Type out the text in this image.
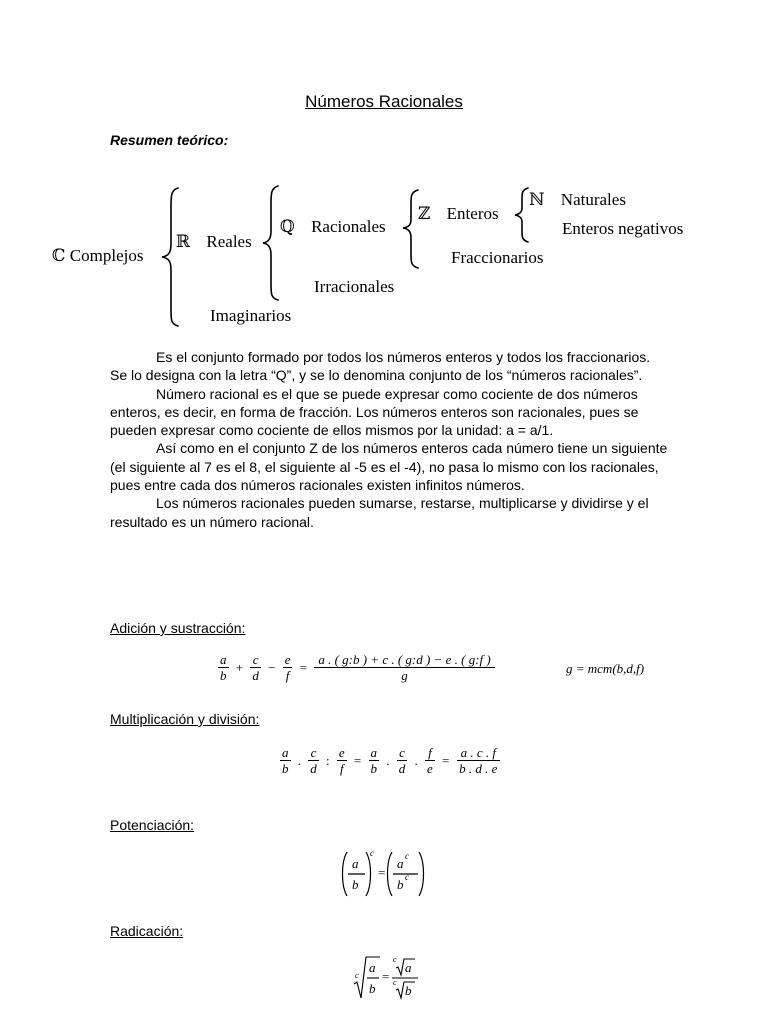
Números Racionales
Resumen teórico:
ℂ Complejos
ℝ Reales
Imaginarios
ℚ Racionales
Irracionales
ℤ Enteros
Fraccionarios
ℕ Naturales
Enteros negativos

Es el conjunto formado por todos los números enteros y todos los fraccionarios. Se lo designa con la letra “Q”, y se lo denomina conjunto de los “números racionales”.

Número racional es el que se puede expresar como cociente de dos números enteros, es decir, en forma de fracción. Los números enteros son racionales, pues se pueden expresar como cociente de ellos mismos por la unidad: a = a/1.

Así como en el conjunto Z de los números enteros cada número tiene un siguiente (el siguiente al 7 es el 8, el siguiente al -5 es el -4), no pasa lo mismo con los racionales, pues entre cada dos números racionales existen infinitos números.

Los números racionales pueden sumarse, restarse, multiplicarse y dividirse y el resultado es un número racional.

Adición y sustracción:
$\frac{a}{b} + \frac{c}{d} - \frac{e}{f} = \frac{a . ( g:b ) + c . ( g:d ) - e . ( g:f )}{g}$	g = mcm(b,d,f)
Multiplicación y división:
$\frac{a}{b}$ . $\frac{c}{d}$ : $\frac{e}{f} = \frac{a}{b}$ . $\frac{c}{d}$ . $\frac{f}{e} = \frac{a . c . f}{b . d . e}$
Potenciación:
a
b
c
=
a c
b c
Radicación:
c
a
b
=
c
a
c
b
